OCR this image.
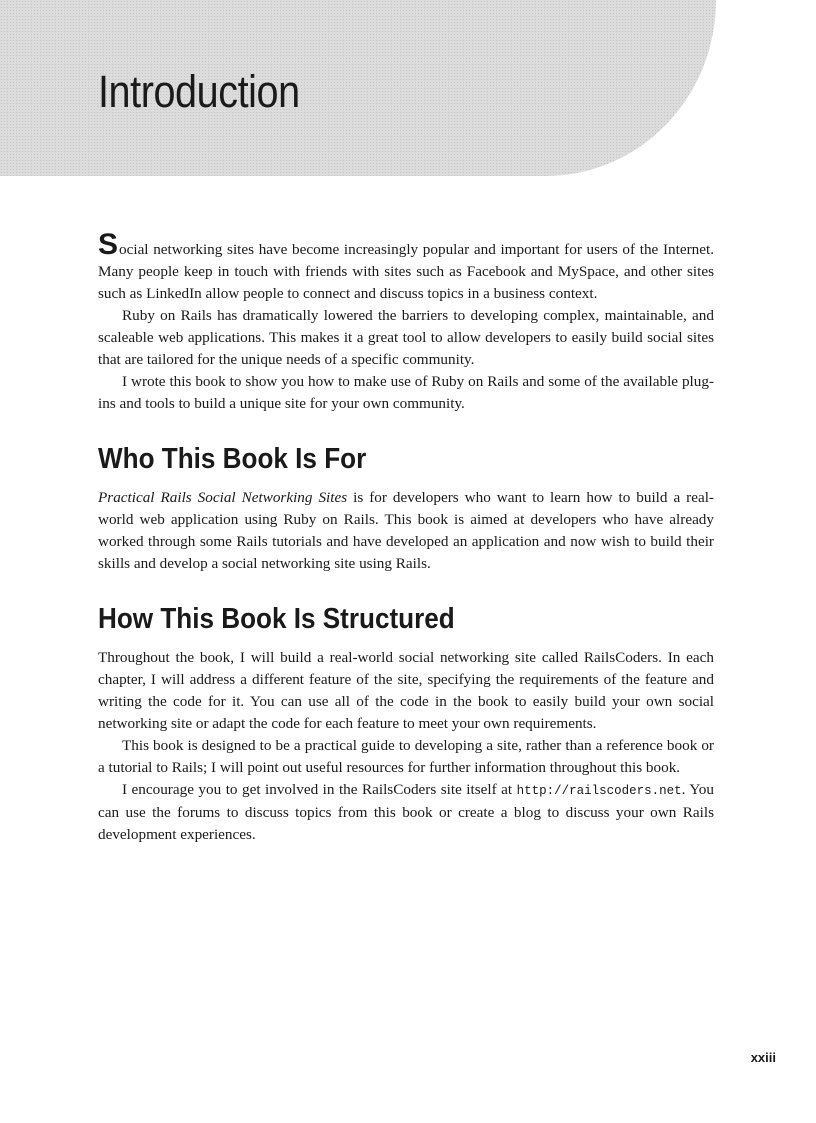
Introduction

Social networking sites have become increasingly popular and important for users of the Internet. Many people keep in touch with friends with sites such as Facebook and MySpace, and other sites such as LinkedIn allow people to connect and discuss topics in a business context.

Ruby on Rails has dramatically lowered the barriers to developing complex, maintainable, and scaleable web applications. This makes it a great tool to allow developers to easily build social sites that are tailored for the unique needs of a specific community.

I wrote this book to show you how to make use of Ruby on Rails and some of the available plug-ins and tools to build a unique site for your own community.

Who This Book Is For

Practical Rails Social Networking Sites is for developers who want to learn how to build a real-world web application using Ruby on Rails. This book is aimed at developers who have already worked through some Rails tutorials and have developed an application and now wish to build their skills and develop a social networking site using Rails.

How This Book Is Structured

Throughout the book, I will build a real-world social networking site called RailsCoders. In each chapter, I will address a different feature of the site, specifying the requirements of the feature and writing the code for it. You can use all of the code in the book to easily build your own social networking site or adapt the code for each feature to meet your own requirements.

This book is designed to be a practical guide to developing a site, rather than a reference book or a tutorial to Rails; I will point out useful resources for further information throughout this book.

I encourage you to get involved in the RailsCoders site itself at http://railscoders.net. You can use the forums to discuss topics from this book or create a blog to discuss your own Rails development experiences.

xxiii
